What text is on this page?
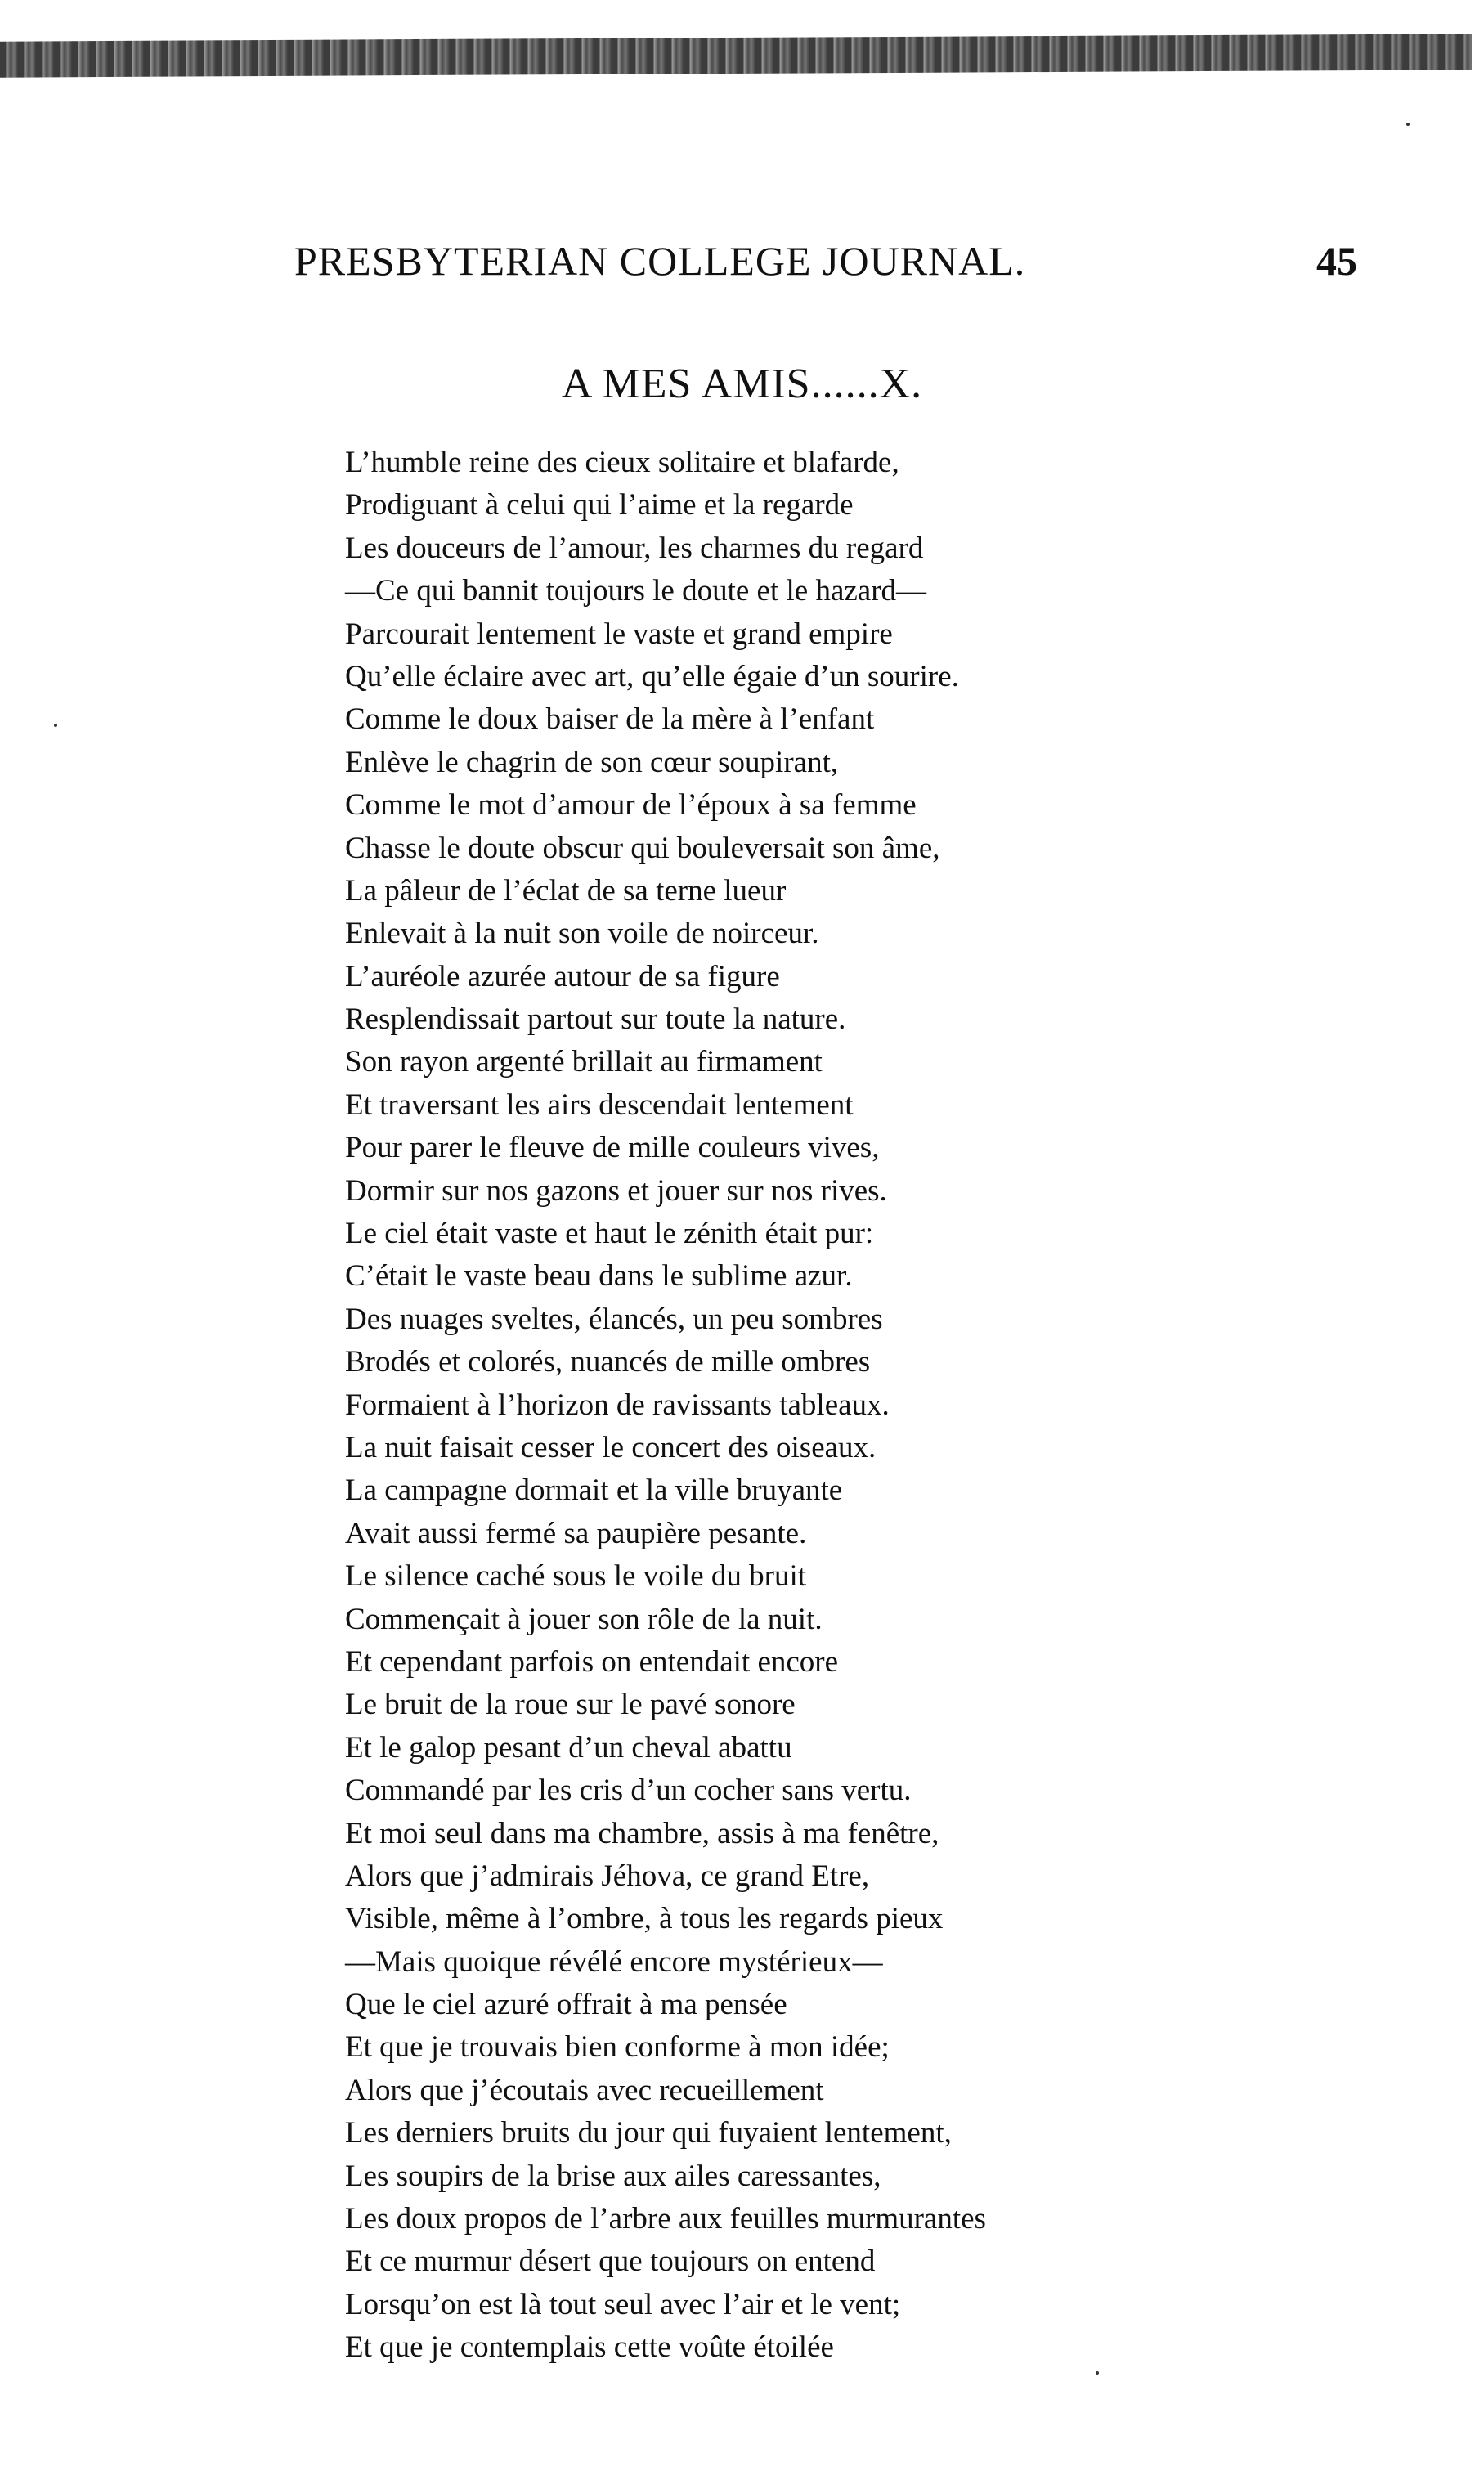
PRESBYTERIAN COLLEGE JOURNAL.	45
A MES AMIS......X.
L’humble reine des cieux solitaire et blafarde,
Prodiguant à celui qui l’aime et la regarde
Les douceurs de l’amour, les charmes du regard
—Ce qui bannit toujours le doute et le hazard—
Parcourait lentement le vaste et grand empire
Qu’elle éclaire avec art, qu’elle égaie d’un sourire.
Comme le doux baiser de la mère à l’enfant
Enlève le chagrin de son cœur soupirant,
Comme le mot d’amour de l’époux à sa femme
Chasse le doute obscur qui bouleversait son âme,
La pâleur de l’éclat de sa terne lueur
Enlevait à la nuit son voile de noirceur.
L’auréole azurée autour de sa figure
Resplendissait partout sur toute la nature.
Son rayon argenté brillait au firmament
Et traversant les airs descendait lentement
Pour parer le fleuve de mille couleurs vives,
Dormir sur nos gazons et jouer sur nos rives.
Le ciel était vaste et haut le zénith était pur:
C’était le vaste beau dans le sublime azur.
Des nuages sveltes, élancés, un peu sombres
Brodés et colorés, nuancés de mille ombres
Formaient à l’horizon de ravissants tableaux.
La nuit faisait cesser le concert des oiseaux.
La campagne dormait et la ville bruyante
Avait aussi fermé sa paupière pesante.
Le silence caché sous le voile du bruit
Commençait à jouer son rôle de la nuit.
Et cependant parfois on entendait encore
Le bruit de la roue sur le pavé sonore
Et le galop pesant d’un cheval abattu
Commandé par les cris d’un cocher sans vertu.
Et moi seul dans ma chambre, assis à ma fenêtre,
Alors que j’admirais Jéhova, ce grand Etre,
Visible, même à l’ombre, à tous les regards pieux
—Mais quoique révélé encore mystérieux—
Que le ciel azuré offrait à ma pensée
Et que je trouvais bien conforme à mon idée;
Alors que j’écoutais avec recueillement
Les derniers bruits du jour qui fuyaient lentement,
Les soupirs de la brise aux ailes caressantes,
Les doux propos de l’arbre aux feuilles murmurantes
Et ce murmur désert que toujours on entend
Lorsqu’on est là tout seul avec l’air et le vent;
Et que je contemplais cette voûte étoilée
